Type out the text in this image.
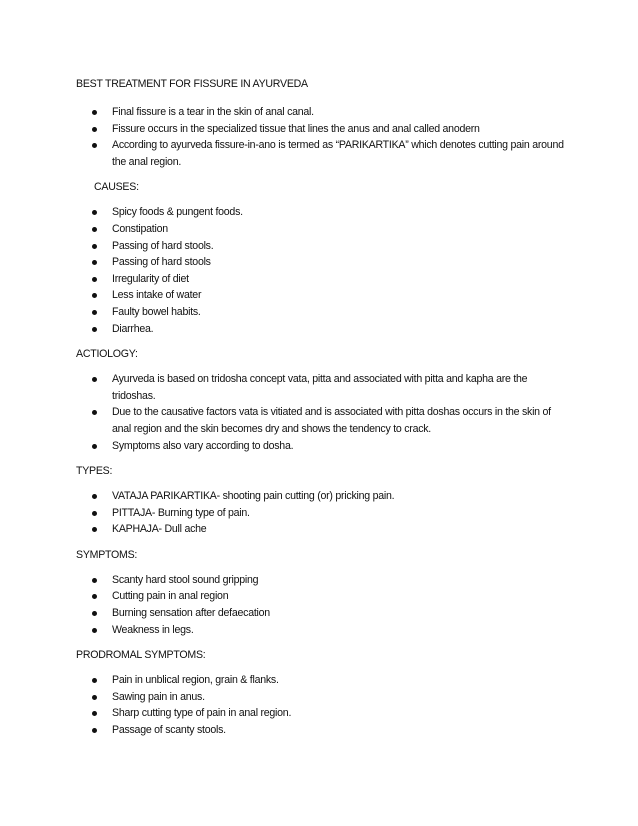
BEST TREATMENT FOR FISSURE IN AYURVEDA

Final fissure is a tear in the skin of anal canal.
Fissure occurs in the specialized tissue that lines the anus and anal called anodern
According to ayurveda fissure-in-ano is termed as “PARIKARTIKA” which denotes cutting pain around the anal region.

CAUSES:

Spicy foods & pungent foods.
Constipation
Passing of hard stools.
Passing of hard stools
Irregularity of diet
Less intake of water
Faulty bowel habits.
Diarrhea.

ACTIOLOGY:

Ayurveda is based on tridosha concept vata, pitta and associated with pitta and kapha are the tridoshas.
Due to the causative factors vata is vitiated and is associated with pitta doshas occurs in the skin of anal region and the skin becomes dry and shows the tendency to crack.
Symptoms also vary according to dosha.

TYPES:

VATAJA PARIKARTIKA- shooting pain cutting (or) pricking pain.
PITTAJA- Burning type of pain.
KAPHAJA- Dull ache

SYMPTOMS:

Scanty hard stool sound gripping
Cutting pain in anal region
Burning sensation after defaecation
Weakness in legs.

PRODROMAL SYMPTOMS:

Pain in unblical region, grain & flanks.
Sawing pain in anus.
Sharp cutting type of pain in anal region.
Passage of scanty stools.
